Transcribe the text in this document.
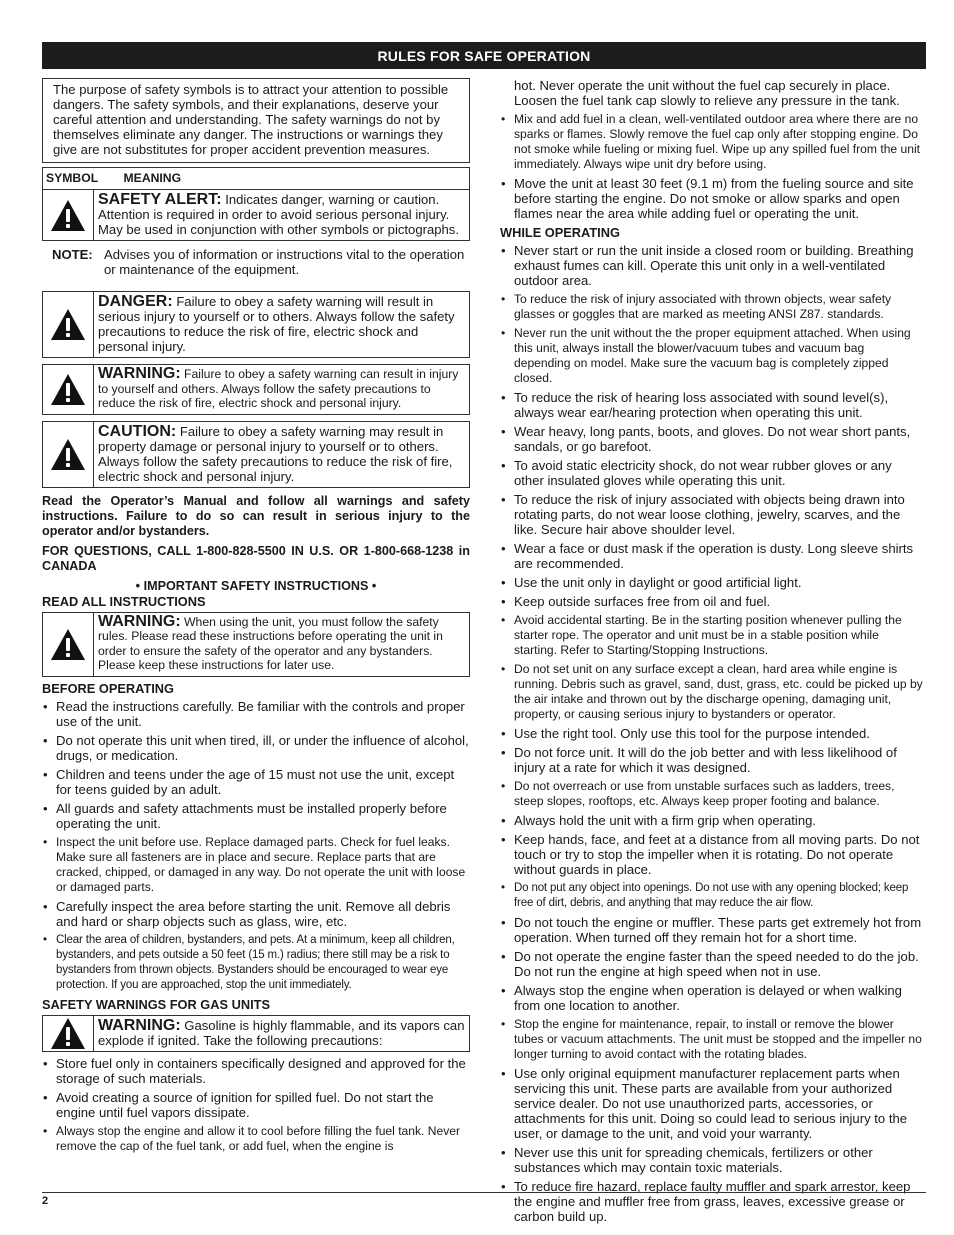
RULES FOR SAFE OPERATION
The purpose of safety symbols is to attract your attention to possible dangers. The safety symbols, and their explanations, deserve your careful attention and understanding. The safety warnings do not by themselves eliminate any danger. The instructions or warnings they give are not substitutes for proper accident prevention measures.
SYMBOL MEANING
SAFETY ALERT: Indicates danger, warning or caution. Attention is required in order to avoid serious personal injury. May be used in conjunction with other symbols or pictographs.
NOTE: Advises you of information or instructions vital to the operation or maintenance of the equipment.
DANGER: Failure to obey a safety warning will result in serious injury to yourself or to others. Always follow the safety precautions to reduce the risk of fire, electric shock and personal injury.
WARNING: Failure to obey a safety warning can result in injury to yourself and others. Always follow the safety precautions to reduce the risk of fire, electric shock and personal injury.
CAUTION: Failure to obey a safety warning may result in property damage or personal injury to yourself or to others. Always follow the safety precautions to reduce the risk of fire, electric shock and personal injury.
Read the Operator’s Manual and follow all warnings and safety instructions. Failure to do so can result in serious injury to the operator and/or bystanders.
FOR QUESTIONS, CALL 1-800-828-5500 IN U.S. OR 1-800-668-1238 in CANADA
• IMPORTANT SAFETY INSTRUCTIONS •
READ ALL INSTRUCTIONS
WARNING: When using the unit, you must follow the safety rules. Please read these instructions before operating the unit in order to ensure the safety of the operator and any bystanders. Please keep these instructions for later use.
BEFORE OPERATING
• Read the instructions carefully. Be familiar with the controls and proper use of the unit.
• Do not operate this unit when tired, ill, or under the influence of alcohol, drugs, or medication.
• Children and teens under the age of 15 must not use the unit, except for teens guided by an adult.
• All guards and safety attachments must be installed properly before operating the unit.
• Inspect the unit before use. Replace damaged parts. Check for fuel leaks. Make sure all fasteners are in place and secure. Replace parts that are cracked, chipped, or damaged in any way. Do not operate the unit with loose or damaged parts.
• Carefully inspect the area before starting the unit. Remove all debris and hard or sharp objects such as glass, wire, etc.
• Clear the area of children, bystanders, and pets. At a minimum, keep all children, bystanders, and pets outside a 50 feet (15 m.) radius; there still may be a risk to bystanders from thrown objects. Bystanders should be encouraged to wear eye protection. If you are approached, stop the unit immediately.
SAFETY WARNINGS FOR GAS UNITS
WARNING: Gasoline is highly flammable, and its vapors can explode if ignited. Take the following precautions:
• Store fuel only in containers specifically designed and approved for the storage of such materials.
• Avoid creating a source of ignition for spilled fuel. Do not start the engine until fuel vapors dissipate.
• Always stop the engine and allow it to cool before filling the fuel tank. Never remove the cap of the fuel tank, or add fuel, when the engine is
hot. Never operate the unit without the fuel cap securely in place. Loosen the fuel tank cap slowly to relieve any pressure in the tank.
• Mix and add fuel in a clean, well-ventilated outdoor area where there are no sparks or flames. Slowly remove the fuel cap only after stopping engine. Do not smoke while fueling or mixing fuel. Wipe up any spilled fuel from the unit immediately. Always wipe unit dry before using.
• Move the unit at least 30 feet (9.1 m) from the fueling source and site before starting the engine. Do not smoke or allow sparks and open flames near the area while adding fuel or operating the unit.
WHILE OPERATING
• Never start or run the unit inside a closed room or building. Breathing exhaust fumes can kill. Operate this unit only in a well-ventilated outdoor area.
• To reduce the risk of injury associated with thrown objects, wear safety glasses or goggles that are marked as meeting ANSI Z87. standards.
• Never run the unit without the the proper equipment attached. When using this unit, always install the blower/vacuum tubes and vacuum bag depending on model. Make sure the vacuum bag is completely zipped closed.
• To reduce the risk of hearing loss associated with sound level(s), always wear ear/hearing protection when operating this unit.
• Wear heavy, long pants, boots, and gloves. Do not wear short pants, sandals, or go barefoot.
• To avoid static electricity shock, do not wear rubber gloves or any other insulated gloves while operating this unit.
• To reduce the risk of injury associated with objects being drawn into rotating parts, do not wear loose clothing, jewelry, scarves, and the like. Secure hair above shoulder level.
• Wear a face or dust mask if the operation is dusty. Long sleeve shirts are recommended.
• Use the unit only in daylight or good artificial light.
• Keep outside surfaces free from oil and fuel.
• Avoid accidental starting. Be in the starting position whenever pulling the starter rope. The operator and unit must be in a stable position while starting. Refer to Starting/Stopping Instructions.
• Do not set unit on any surface except a clean, hard area while engine is running. Debris such as gravel, sand, dust, grass, etc. could be picked up by the air intake and thrown out by the discharge opening, damaging unit, property, or causing serious injury to bystanders or operator.
• Use the right tool. Only use this tool for the purpose intended.
• Do not force unit. It will do the job better and with less likelihood of injury at a rate for which it was designed.
• Do not overreach or use from unstable surfaces such as ladders, trees, steep slopes, rooftops, etc. Always keep proper footing and balance.
• Always hold the unit with a firm grip when operating.
• Keep hands, face, and feet at a distance from all moving parts. Do not touch or try to stop the impeller when it is rotating. Do not operate without guards in place.
• Do not put any object into openings. Do not use with any opening blocked; keep free of dirt, debris, and anything that may reduce the air flow.
• Do not touch the engine or muffler. These parts get extremely hot from operation. When turned off they remain hot for a short time.
• Do not operate the engine faster than the speed needed to do the job. Do not run the engine at high speed when not in use.
• Always stop the engine when operation is delayed or when walking from one location to another.
• Stop the engine for maintenance, repair, to install or remove the blower tubes or vacuum attachments. The unit must be stopped and the impeller no longer turning to avoid contact with the rotating blades.
• Use only original equipment manufacturer replacement parts when servicing this unit. These parts are available from your authorized service dealer. Do not use unauthorized parts, accessories, or attachments for this unit. Doing so could lead to serious injury to the user, or damage to the unit, and void your warranty.
• Never use this unit for spreading chemicals, fertilizers or other substances which may contain toxic materials.
• To reduce fire hazard, replace faulty muffler and spark arrestor, keep the engine and muffler free from grass, leaves, excessive grease or carbon build up.
2
